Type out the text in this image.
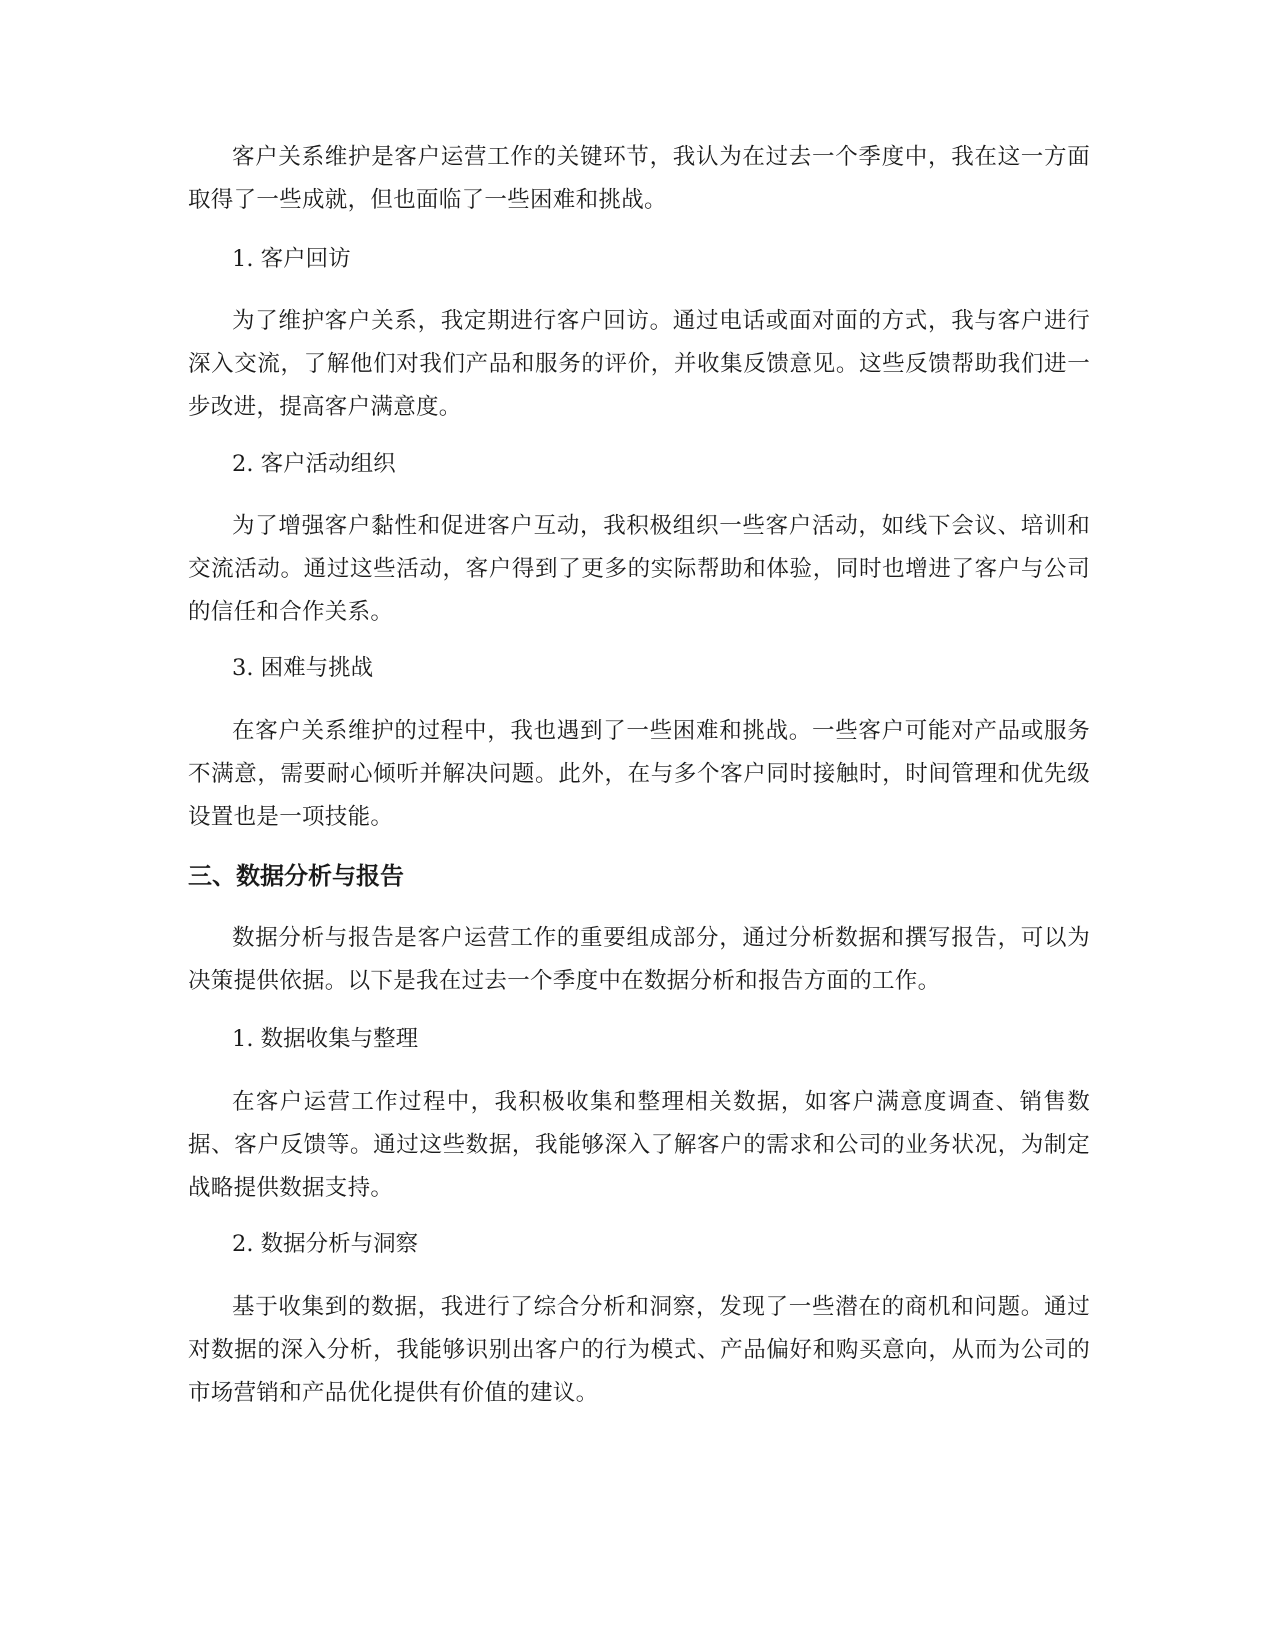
客户关系维护是客户运营工作的关键环节，我认为在过去一个季度中，我在这一方面取得了一些成就，但也面临了一些困难和挑战。

1. 客户回访

为了维护客户关系，我定期进行客户回访。通过电话或面对面的方式，我与客户进行深入交流，了解他们对我们产品和服务的评价，并收集反馈意见。这些反馈帮助我们进一步改进，提高客户满意度。

2. 客户活动组织

为了增强客户黏性和促进客户互动，我积极组织一些客户活动，如线下会议、培训和交流活动。通过这些活动，客户得到了更多的实际帮助和体验，同时也增进了客户与公司的信任和合作关系。

3. 困难与挑战

在客户关系维护的过程中，我也遇到了一些困难和挑战。一些客户可能对产品或服务不满意，需要耐心倾听并解决问题。此外，在与多个客户同时接触时，时间管理和优先级设置也是一项技能。

三、数据分析与报告

数据分析与报告是客户运营工作的重要组成部分，通过分析数据和撰写报告，可以为决策提供依据。以下是我在过去一个季度中在数据分析和报告方面的工作。

1. 数据收集与整理

在客户运营工作过程中，我积极收集和整理相关数据，如客户满意度调查、销售数据、客户反馈等。通过这些数据，我能够深入了解客户的需求和公司的业务状况，为制定战略提供数据支持。

2. 数据分析与洞察

基于收集到的数据，我进行了综合分析和洞察，发现了一些潜在的商机和问题。通过对数据的深入分析，我能够识别出客户的行为模式、产品偏好和购买意向，从而为公司的市场营销和产品优化提供有价值的建议。
